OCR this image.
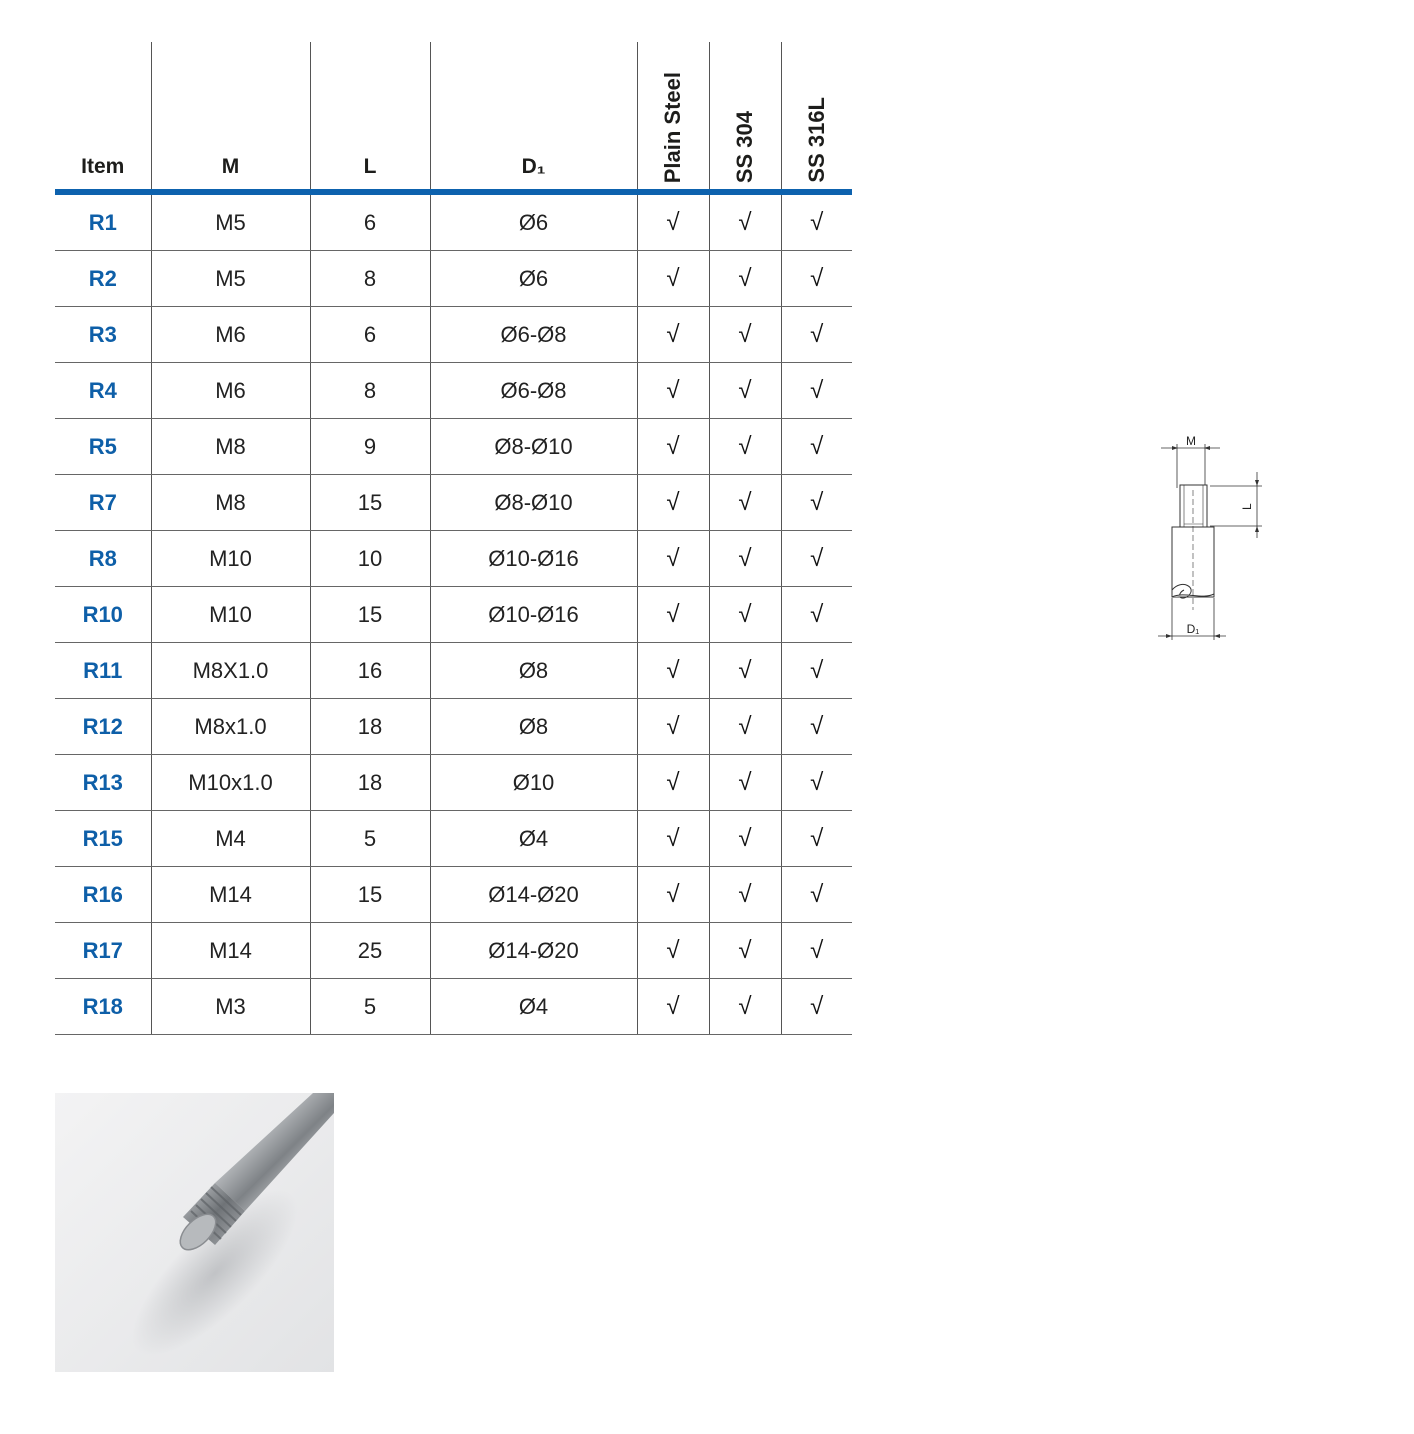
Item	M	L	D₁	Plain Steel	SS 304	SS 316L

R1	M5	6	Ø6	√	√	√
R2	M5	8	Ø6	√	√	√
R3	M6	6	Ø6-Ø8	√	√	√
R4	M6	8	Ø6-Ø8	√	√	√
R5	M8	9	Ø8-Ø10	√	√	√
R7	M8	15	Ø8-Ø10	√	√	√
R8	M10	10	Ø10-Ø16	√	√	√
R10	M10	15	Ø10-Ø16	√	√	√
R11	M8X1.0	16	Ø8	√	√	√
R12	M8x1.0	18	Ø8	√	√	√
R13	M10x1.0	18	Ø10	√	√	√
R15	M4	5	Ø4	√	√	√
R16	M14	15	Ø14-Ø20	√	√	√
R17	M14	25	Ø14-Ø20	√	√	√
R18	M3	5	Ø4	√	√	√
M
L
D₁
